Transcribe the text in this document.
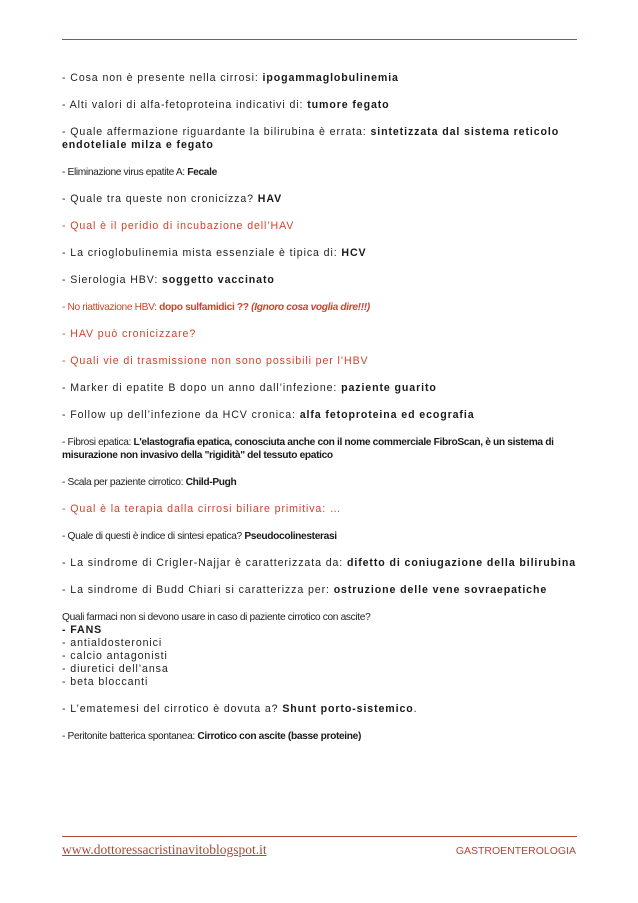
- Cosa non è presente nella cirrosi: ipogammaglobulinemia

- Alti valori di alfa-fetoproteina indicativi di: tumore fegato

- Quale affermazione riguardante la bilirubina è errata: sintetizzata dal sistema reticolo endoteliale milza e fegato

- Eliminazione virus epatite A: Fecale

- Quale tra queste non cronicizza? HAV

- Qual è il peridio di incubazione dell’HAV

- La crioglobulinemia mista essenziale è tipica di: HCV

- Sierologia HBV: soggetto vaccinato

- No riattivazione HBV: dopo sulfamidici ?? (Ignoro cosa voglia dire!!!)

- HAV può cronicizzare?

- Quali vie di trasmissione non sono possibili per l’HBV

- Marker di epatite B dopo un anno dall’infezione: paziente guarito

- Follow up dell’infezione da HCV cronica: alfa fetoproteina ed ecografia

- Fibrosi epatica: L'elastografia epatica, conosciuta anche con il nome commerciale FibroScan, è un sistema di misurazione non invasivo della "rigidità" del tessuto epatico

- Scala per paziente cirrotico: Child-Pugh

- Qual è la terapia dalla cirrosi biliare primitiva: …

- Quale di questi è indice di sintesi epatica? Pseudocolinesterasi

- La sindrome di Crigler-Najjar è caratterizzata da: difetto di coniugazione della bilirubina

- La sindrome di Budd Chiari si caratterizza per: ostruzione delle vene sovraepatiche

Quali farmaci non si devono usare in caso di paziente cirrotico con ascite?

- FANS

- antialdosteronici

- calcio antagonisti

- diuretici dell’ansa

- beta bloccanti

- L’ematemesi del cirrotico è dovuta a? Shunt porto-sistemico.

- Peritonite batterica spontanea: Cirrotico con ascite (basse proteine)

www.dottoressacristinavitoblogspot.it	GASTROENTEROLOGIA
